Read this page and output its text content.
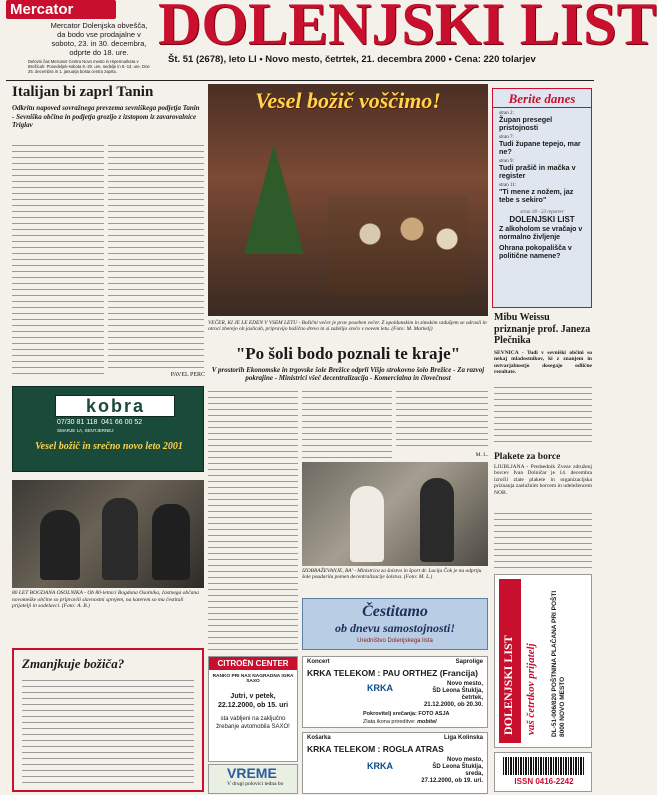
Mercator
Mercator Dolenjska obvešča, da bodo vse prodajalne v soboto, 23. in 30. decembra, odprte do 18. ure.
Delovni čas Mercator Centra Novo mesto in Hipermarketa v Brežicah: Ponedeljek-sobota 8.-20. ure, nedelje in 8.-13. ure. Dne 25. decembra in 1. januarja bosta centra zaprta.
DOLENJSKI LIST
Št. 51 (2678), leto LI • Novo mesto, četrtek, 21. decembra 2000 • Cena: 220 tolarjev
Italijan bi zaprl Tanin
Odkritu napoved sovražnega prevzema sevniškega podjetja Tanin - Sevniška občina in podjetja groziјo z izstopom iz zavarovalnice Triglav
PAVEL PERC
kobra
07/30 81 118 041 66 00 52
SMARJE 1A, SENTJERNEJ
Vesel božič in srečno novo leto 2001
80 LET BOGDANA OSOLNIKA - Ob 80-letnici Bogdana Osolnika, častnega občana novomeške občine so pripravili slavnostni sprejem, na katerem so mu čestitali prijatelji in sodelavci. (Foto: A. B.)
Zmanjkuje božiča?
Vesel božič voščimo!
VEČER, KI JE LE EDEN V VSEM LETU - Božični večer je prav poseben večer. Z opoldanskim in zimskim vzdušjem se odrasli in otroci zberejo ob jaslicah, pripravijo božično drevo in si zaželijo srečo v novem letu. (Foto: M. Markelj)
"Po šoli bodo poznali te kraje"
V prostorih Ekonomske in trgovske šole Brežice odprli Višjo strokovno šolo Brežice - Za razvoj pokrajine - Ministrici všeč decentralizacija - Komercialna in človečnost
M. L.
IZOBRAŽEVANJE, BA' - Ministrica za šolstvo in šport dr. Lucija Čok je na odprtju šole poudarila pomen decentralizacije šolstva. (Foto: M. L.)
Čestitamo
ob dnevu samostojnosti!
Uredništvo Dolenjskega lista
CITROËN CENTER
RANKO PRI NAS NAGRADNA IGRA SAXO
Jutri, v petek, 22.12.2000, ob 15. uri
sta vabljeni na zaključno žrebanje avtomobila SAXO!
VREME
V drugi polovici tedna bo
Koncert	Saprolige
KRKA TELEKOM : PAU ORTHEZ (Francija)
KRKA	Novo mesto,
ŠD Leona Štuklja,
četrtek,
21.12.2000, ob 20.30.
Pokrovitelj srečanja: FOTO ASJA
Zlata ikona prireditve: mobitel
Košarka	Liga Kolinska
KRKA TELEKOM : ROGLA ATRAS
KRKA
Novo mesto,
ŠD Leona Štuklja,
sreda,
27.12.2000, ob 19. uri.
Berite danes
stran 2:
Župan presegel pristojnosti
stran 7:
Tudi župane tepejo, mar ne?
stran 9:
Tudi prašič in mačka v register
stran 11:
"Ti mene z nožem, jaz tebe s sekiro"
stran 18 - 23 reporter
DOLENJSKI LIST
Z alkoholom se vračajo v normalno življenje
Ohrana pokopališča v politične namene?
Mibu Weissu priznanje prof. Janeza Plečnika
SEVNICA - Tudi v sevniški občini so nekaj mladostnikov, ki z znanjem in ustvarjalnostjo dosegajo odlične rezultate.
Plakete za borce
LJUBLJANA - Predsednik Zveze združenj borcev Ivan Dolničar je 14. decembra izročil zlate plakete in organizacijska priznanja zaslužnim borcem in udeležencem NOB.
DOLENJSKI LIST vaš četrtkov prijatelj DL-51-006/820 POŠTNINA PLAČANA PRI POŠTI 8000 NOVO MESTO
ISSN 0416-2242
